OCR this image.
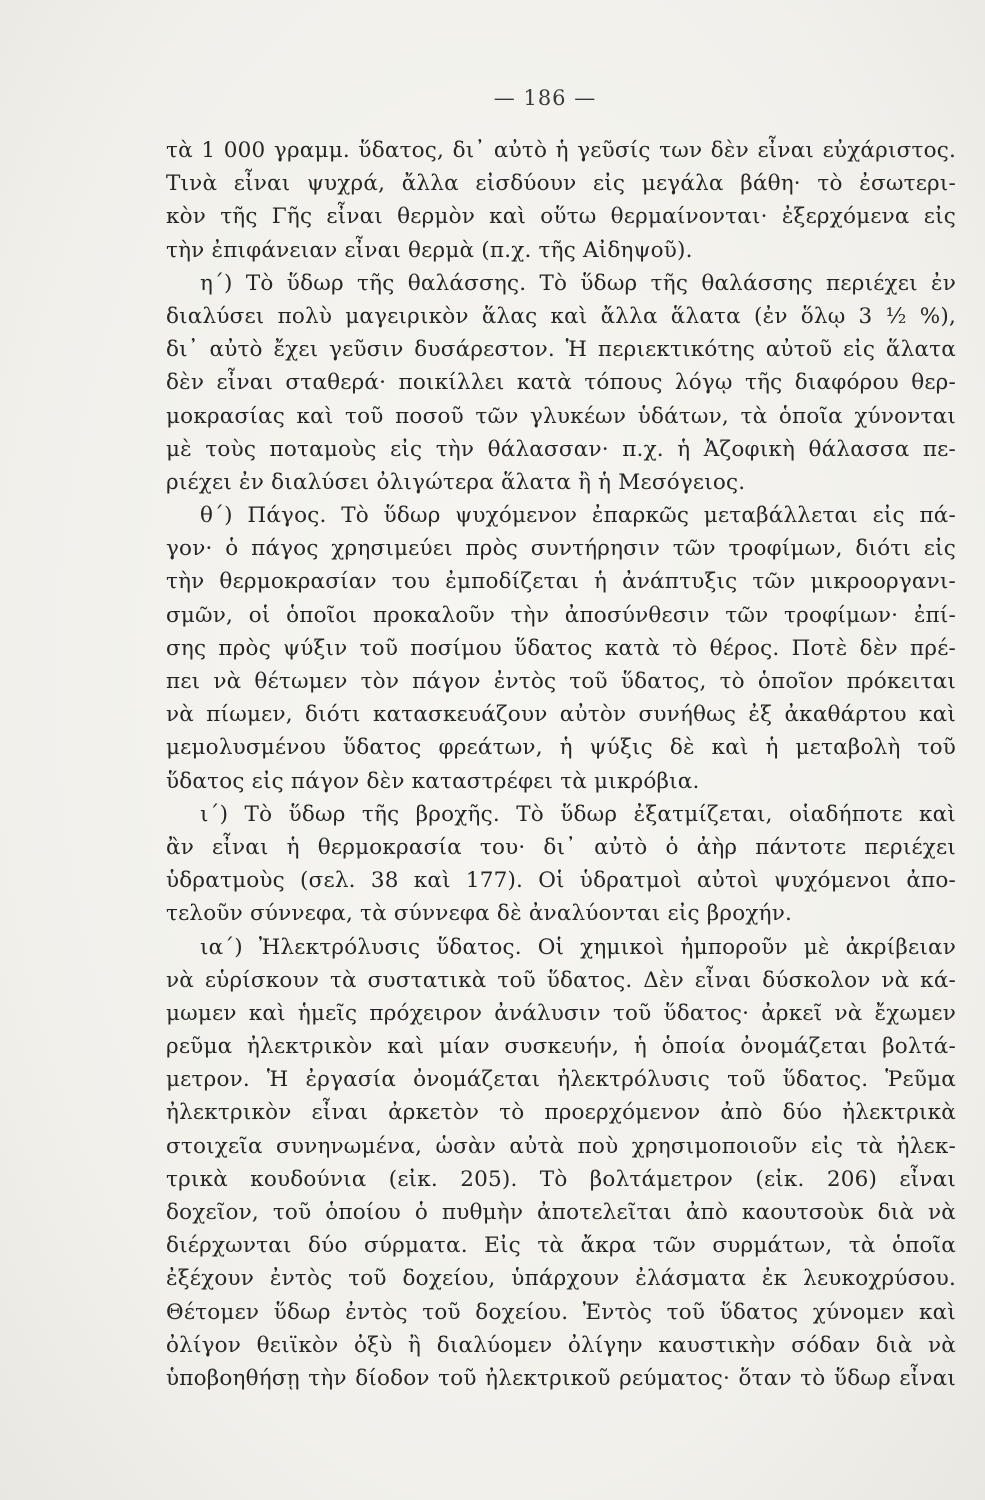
— 186 —
τὰ 1 000 γραμμ. ὕδατος, δι᾽ αὐτὸ ἡ γεῦσίς των δὲν εἶναι εὐχάριστος.
Τινὰ εἶναι ψυχρά, ἄλλα εἰσδύουν εἰς μεγάλα βάθη· τὸ ἐσωτερι-
κὸν τῆς Γῆς εἶναι θερμὸν καὶ οὕτω θερμαίνονται· ἐξερχόμενα εἰς
τὴν ἐπιφάνειαν εἶναι θερμὰ (π.χ. τῆς Αἰδηψοῦ).
η´) Τὸ ὕδωρ τῆς θαλάσσης. Τὸ ὕδωρ τῆς θαλάσσης περιέχει ἐν
διαλύσει πολὺ μαγειρικὸν ἅλας καὶ ἄλλα ἅλατα (ἐν ὅλῳ 3 ½ %),
δι᾽ αὐτὸ ἔχει γεῦσιν δυσάρεστον. Ἡ περιεκτικότης αὐτοῦ εἰς ἅλατα
δὲν εἶναι σταθερά· ποικίλλει κατὰ τόπους λόγῳ τῆς διαφόρου θερ-
μοκρασίας καὶ τοῦ ποσοῦ τῶν γλυκέων ὑδάτων, τὰ ὁποῖα χύνονται
μὲ τοὺς ποταμοὺς εἰς τὴν θάλασσαν· π.χ. ἡ Ἀζοφικὴ θάλασσα πε-
ριέχει ἐν διαλύσει ὀλιγώτερα ἅλατα ἢ ἡ Μεσόγειος.
θ´) Πάγος. Τὸ ὕδωρ ψυχόμενον ἐπαρκῶς μεταβάλλεται εἰς πά-
γον· ὁ πάγος χρησιμεύει πρὸς συντήρησιν τῶν τροφίμων, διότι εἰς
τὴν θερμοκρασίαν του ἐμποδίζεται ἡ ἀνάπτυξις τῶν μικροοργανι-
σμῶν, οἱ ὁποῖοι προκαλοῦν τὴν ἀποσύνθεσιν τῶν τροφίμων· ἐπί-
σης πρὸς ψύξιν τοῦ ποσίμου ὕδατος κατὰ τὸ θέρος. Ποτὲ δὲν πρέ-
πει νὰ θέτωμεν τὸν πάγον ἐντὸς τοῦ ὕδατος, τὸ ὁποῖον πρόκειται
νὰ πίωμεν, διότι κατασκευάζουν αὐτὸν συνήθως ἐξ ἀκαθάρτου καὶ
μεμολυσμένου ὕδατος φρεάτων, ἡ ψύξις δὲ καὶ ἡ μεταβολὴ τοῦ
ὕδατος εἰς πάγον δὲν καταστρέφει τὰ μικρόβια.
ι´) Τὸ ὕδωρ τῆς βροχῆς. Τὸ ὕδωρ ἐξατμίζεται, οἱαδήποτε καὶ
ἂν εἶναι ἡ θερμοκρασία του· δι᾽ αὐτὸ ὁ ἀὴρ πάντοτε περιέχει
ὑδρατμοὺς (σελ. 38 καὶ 177). Οἱ ὑδρατμοὶ αὐτοὶ ψυχόμενοι ἀπο-
τελοῦν σύννεφα, τὰ σύννεφα δὲ ἀναλύονται εἰς βροχήν.
ια´) Ἠλεκτρόλυσις ὕδατος. Οἱ χημικοὶ ἠμποροῦν μὲ ἀκρίβειαν
νὰ εὑρίσκουν τὰ συστατικὰ τοῦ ὕδατος. Δὲν εἶναι δύσκολον νὰ κά-
μωμεν καὶ ἡμεῖς πρόχειρον ἀνάλυσιν τοῦ ὕδατος· ἀρκεῖ νὰ ἔχωμεν
ρεῦμα ἠλεκτρικὸν καὶ μίαν συσκευήν, ἡ ὁποία ὀνομάζεται βολτά-
μετρον. Ἡ ἐργασία ὀνομάζεται ἠλεκτρόλυσις τοῦ ὕδατος. Ῥεῦμα
ἠλεκτρικὸν εἶναι ἀρκετὸν τὸ προερχόμενον ἀπὸ δύο ἠλεκτρικὰ
στοιχεῖα συνηνωμένα, ὡσὰν αὐτὰ ποὺ χρησιμοποιοῦν εἰς τὰ ἠλεκ-
τρικὰ κουδούνια (εἰκ. 205). Τὸ βολτάμετρον (εἰκ. 206) εἶναι
δοχεῖον, τοῦ ὁποίου ὁ πυθμὴν ἀποτελεῖται ἀπὸ καουτσοὺκ διὰ νὰ
διέρχωνται δύο σύρματα. Εἰς τὰ ἄκρα τῶν συρμάτων, τὰ ὁποῖα
ἐξέχουν ἐντὸς τοῦ δοχείου, ὑπάρχουν ἐλάσματα ἐκ λευκοχρύσου.
Θέτομεν ὕδωρ ἐντὸς τοῦ δοχείου. Ἐντὸς τοῦ ὕδατος χύνομεν καὶ
ὀλίγον θειϊκὸν ὀξὺ ἢ διαλύομεν ὀλίγην καυστικὴν σόδαν διὰ νὰ
ὑποβοηθήσῃ τὴν δίοδον τοῦ ἠλεκτρικοῦ ρεύματος· ὅταν τὸ ὕδωρ εἶναι
